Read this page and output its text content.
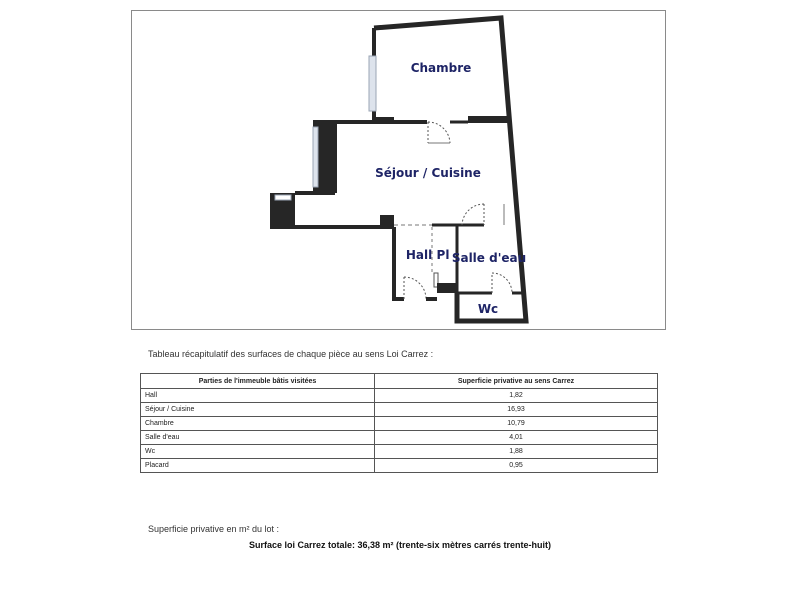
Chambre
Séjour / Cuisine
Hall Pl Salle d'eau
Wc
Tableau récapitulatif des surfaces de chaque pièce au sens Loi Carrez :
Parties de l'immeuble bâtis visitées	Superficie privative au sens Carrez
Hall	1,82
Séjour / Cuisine	16,93
Chambre	10,79
Salle d'eau	4,01
Wc	1,88
Placard	0,95
Superficie privative en m² du lot :
Surface loi Carrez totale: 36,38 m² (trente-six mètres carrés trente-huit)
